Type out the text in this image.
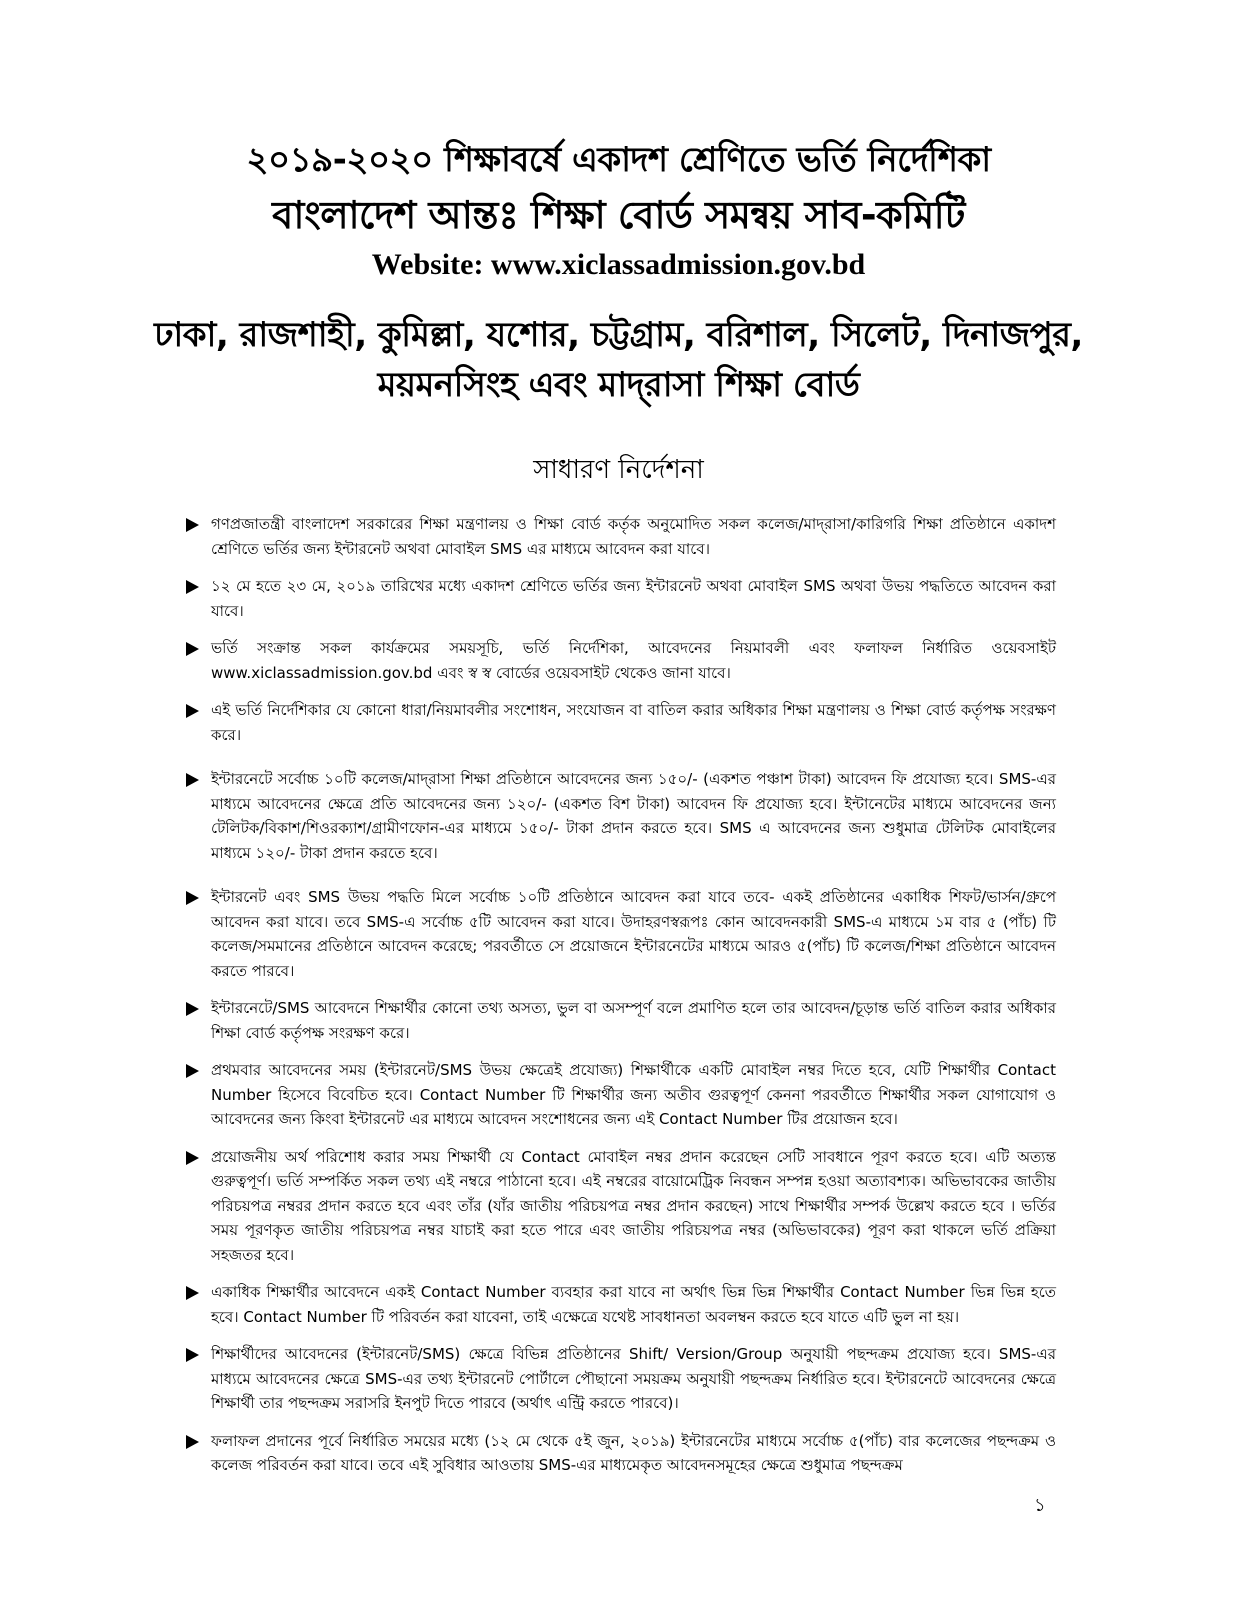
২০১৯-২০২০ শিক্ষাবর্ষে একাদশ শ্রেণিতে ভর্তি নির্দেশিকা
বাংলাদেশ আন্তঃ শিক্ষা বোর্ড সমন্বয় সাব-কমিটি
Website: www.xiclassadmission.gov.bd
ঢাকা, রাজশাহী, কুমিল্লা, যশোর, চট্টগ্রাম, বরিশাল, সিলেট, দিনাজপুর, ময়মনসিংহ এবং মাদ্‌রাসা শিক্ষা বোর্ড
সাধারণ নির্দেশনা
গণপ্রজাতন্ত্রী বাংলাদেশ সরকারের শিক্ষা মন্ত্রণালয় ও শিক্ষা বোর্ড কর্তৃক অনুমোদিত সকল কলেজ/মাদ্‌রাসা/কারিগরি শিক্ষা প্রতিষ্ঠানে একাদশ শ্রেণিতে ভর্তির জন্য ইন্টারনেট অথবা মোবাইল SMS এর মাধ্যমে আবেদন করা যাবে।
১২ মে হতে ২৩ মে, ২০১৯ তারিখের মধ্যে একাদশ শ্রেণিতে ভর্তির জন্য ইন্টারনেট অথবা মোবাইল SMS অথবা উভয় পদ্ধতিতে আবেদন করা যাবে।
ভর্তি সংক্রান্ত সকল কার্যক্রমের সময়সূচি, ভর্তি নির্দেশিকা, আবেদনের নিয়মাবলী এবং ফলাফল নির্ধারিত ওয়েবসাইট www.xiclassadmission.gov.bd এবং স্ব স্ব বোর্ডের ওয়েবসাইট থেকেও জানা যাবে।
এই ভর্তি নির্দেশিকার যে কোনো ধারা/নিয়মাবলীর সংশোধন, সংযোজন বা বাতিল করার অধিকার শিক্ষা মন্ত্রণালয় ও শিক্ষা বোর্ড কর্তৃপক্ষ সংরক্ষণ করে।
ইন্টারনেটে সর্বোচ্চ ১০টি কলেজ/মাদ্‌রাসা শিক্ষা প্রতিষ্ঠানে আবেদনের জন্য ১৫০/- (একশত পঞ্চাশ টাকা) আবেদন ফি প্রযোজ্য হবে। SMS-এর মাধ্যমে আবেদনের ক্ষেত্রে প্রতি আবেদনের জন্য ১২০/- (একশত বিশ টাকা) আবেদন ফি প্রযোজ্য হবে। ইন্টানেটের মাধ্যমে আবেদনের জন্য টেলিটক/বিকাশ/শিওরক্যাশ/গ্রামীণফোন-এর মাধ্যমে ১৫০/- টাকা প্রদান করতে হবে। SMS এ আবেদনের জন্য শুধুমাত্র টেলিটক মোবাইলের মাধ্যমে ১২০/- টাকা প্রদান করতে হবে।
ইন্টারনেট এবং SMS উভয় পদ্ধতি মিলে সর্বোচ্চ ১০টি প্রতিষ্ঠানে আবেদন করা যাবে তবে- একই প্রতিষ্ঠানের একাধিক শিফট/ভার্সন/গ্রুপে আবেদন করা যাবে। তবে SMS-এ সর্বোচ্চ ৫টি আবেদন করা যাবে। উদাহরণস্বরূপঃ কোন আবেদনকারী SMS-এ মাধ্যমে ১ম বার ৫ (পাঁচ) টি কলেজ/সমমানের প্রতিষ্ঠানে আবেদন করেছে; পরবর্তীতে সে প্রয়োজনে ইন্টারনেটের মাধ্যমে আরও ৫(পাঁচ) টি কলেজ/শিক্ষা প্রতিষ্ঠানে আবেদন করতে পারবে।
ইন্টারনেটে/SMS আবেদনে শিক্ষার্থীর কোনো তথ্য অসত্য, ভুল বা অসম্পূর্ণ বলে প্রমাণিত হলে তার আবেদন/চূড়ান্ত ভর্তি বাতিল করার অধিকার শিক্ষা বোর্ড কর্তৃপক্ষ সংরক্ষণ করে।
প্রথমবার আবেদনের সময় (ইন্টারনেট/SMS উভয় ক্ষেত্রেই প্রযোজ্য) শিক্ষার্থীকে একটি মোবাইল নম্বর দিতে হবে, যেটি শিক্ষার্থীর Contact Number হিসেবে বিবেচিত হবে। Contact Number টি শিক্ষার্থীর জন্য অতীব গুরত্বপূর্ণ কেননা পরবর্তীতে শিক্ষার্থীর সকল যোগাযোগ ও আবেদনের জন্য কিংবা ইন্টারনেট এর মাধ্যমে আবেদন সংশোধনের জন্য এই Contact Number টির প্রয়োজন হবে।
প্রয়োজনীয় অর্থ পরিশোধ করার সময় শিক্ষার্থী যে Contact মোবাইল নম্বর প্রদান করেছেন সেটি সাবধানে পূরণ করতে হবে। এটি অত্যন্ত গুরুত্বপূর্ণ। ভর্তি সম্পর্কিত সকল তথ্য এই নম্বরে পাঠানো হবে। এই নম্বরের বায়োমেট্রিক নিবন্ধন সম্পন্ন হওয়া অত্যাবশ্যক। অভিভাবকের জাতীয় পরিচয়পত্র নম্বরর প্রদান করতে হবে এবং তাঁর (যাঁর জাতীয় পরিচয়পত্র নম্বর প্রদান করছেন) সাথে শিক্ষার্থীর সম্পর্ক উল্লেখ করতে হবে । ভর্তির সময় পূরণকৃত জাতীয় পরিচয়পত্র নম্বর যাচাই করা হতে পারে এবং জাতীয় পরিচয়পত্র নম্বর (অভিভাবকের) পূরণ করা থাকলে ভর্তি প্রক্রিয়া সহজতর হবে।
একাধিক শিক্ষার্থীর আবেদনে একই Contact Number ব্যবহার করা যাবে না অর্থাৎ ভিন্ন ভিন্ন শিক্ষার্থীর Contact Number ভিন্ন ভিন্ন হতে হবে। Contact Number টি পরিবর্তন করা যাবেনা, তাই এক্ষেত্রে যথেষ্ট সাবধানতা অবলম্বন করতে হবে যাতে এটি ভুল না হয়।
শিক্ষার্থীদের আবেদনের (ইন্টারনেট/SMS) ক্ষেত্রে বিভিন্ন প্রতিষ্ঠানের Shift/ Version/Group অনুযায়ী পছন্দক্রম প্রযোজ্য হবে। SMS-এর মাধ্যমে আবেদনের ক্ষেত্রে SMS-এর তথ্য ইন্টারনেট পোর্টালে পৌছানো সময়ক্রম অনুযায়ী পছন্দক্রম নির্ধারিত হবে। ইন্টারনেটে আবেদনের ক্ষেত্রে শিক্ষার্থী তার পছন্দক্রম সরাসরি ইনপুট দিতে পারবে (অর্থাৎ এন্ট্রি করতে পারবে)।
ফলাফল প্রদানের পূর্বে নির্ধারিত সময়ের মধ্যে (১২ মে থেকে ৫ই জুন, ২০১৯) ইন্টারনেটের মাধ্যমে সর্বোচ্চ ৫(পাঁচ) বার কলেজের পছন্দক্রম ও কলেজ পরিবর্তন করা যাবে। তবে এই সুবিধার আওতায় SMS-এর মাধ্যমেকৃত আবেদনসমূহের ক্ষেত্রে শুধুমাত্র পছন্দক্রম
১
